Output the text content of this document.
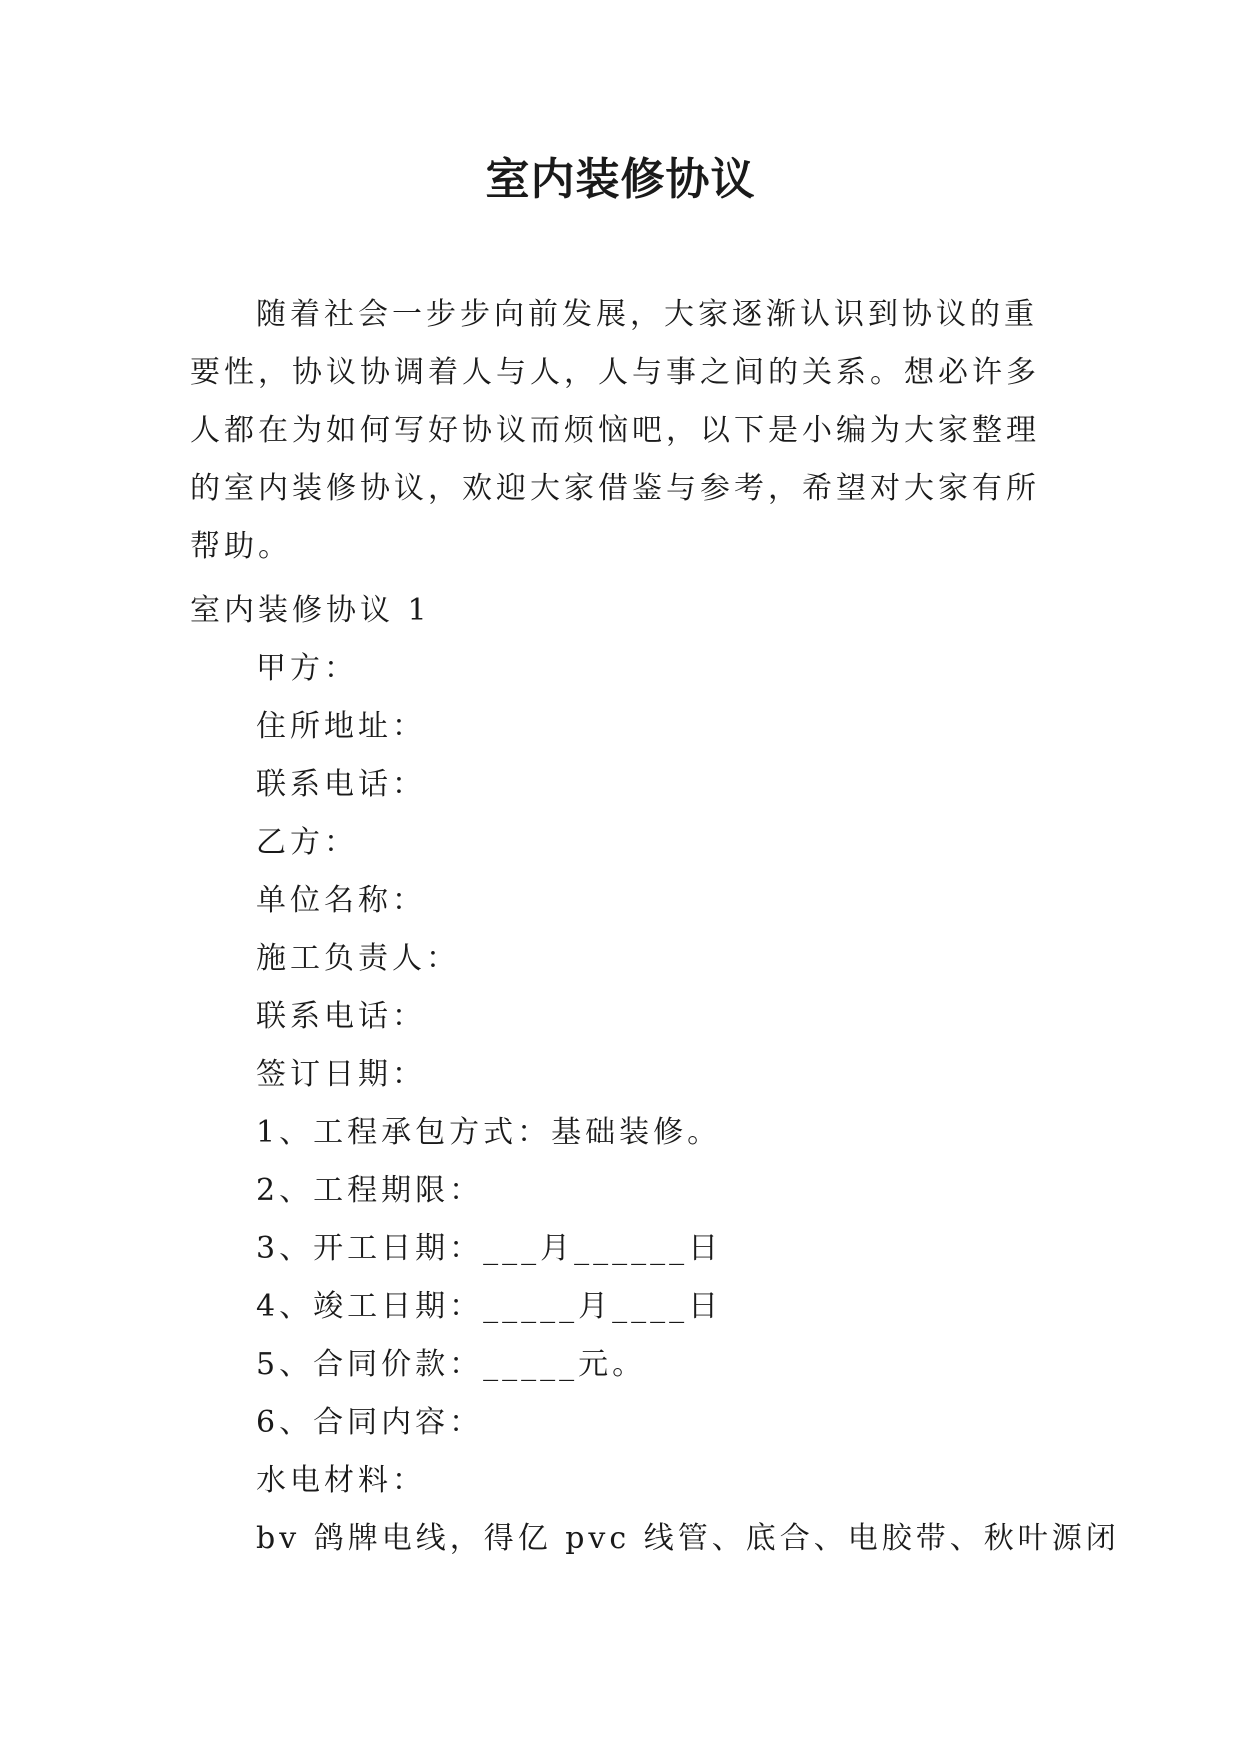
室内装修协议

随着社会一步步向前发展，大家逐渐认识到协议的重要性，协议协调着人与人，人与事之间的关系。想必许多人都在为如何写好协议而烦恼吧，以下是小编为大家整理的室内装修协议，欢迎大家借鉴与参考，希望对大家有所帮助。

室内装修协议 1
甲方：
住所地址：
联系电话：
乙方：
单位名称：
施工负责人：
联系电话：
签订日期：
1、工程承包方式：基础装修。
2、工程期限：
3、开工日期：___月______日
4、竣工日期：_____月____日
5、合同价款：_____元。
6、合同内容：
水电材料：
bv 鸽牌电线，得亿 pvc 线管、底合、电胶带、秋叶源闭
